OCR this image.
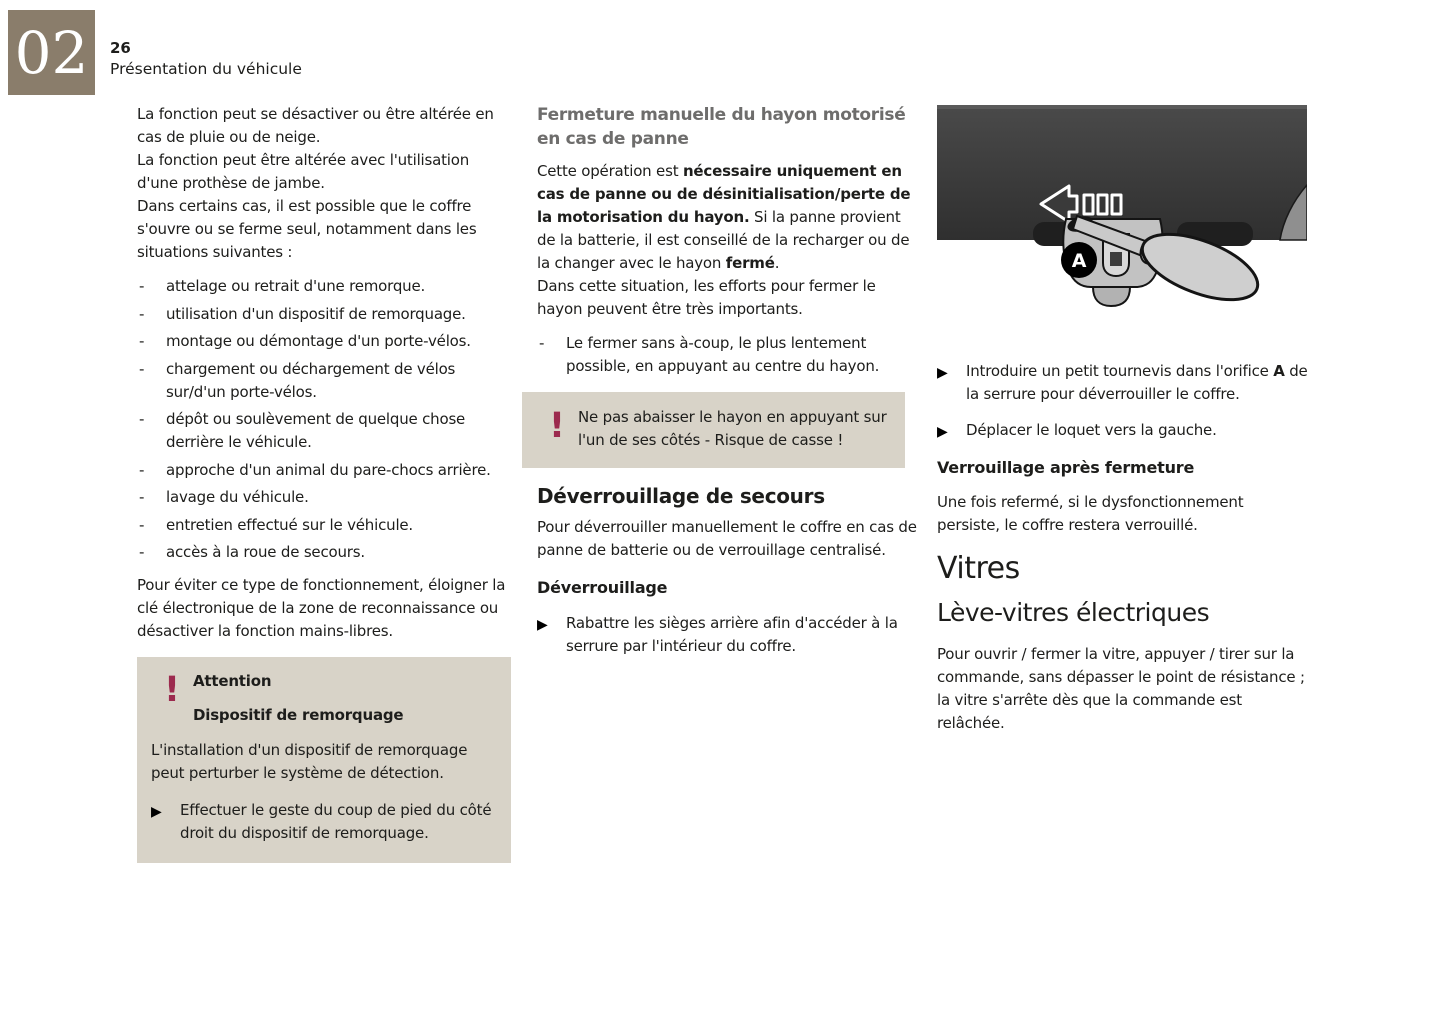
02 26
Présentation du véhicule

La fonction peut se désactiver ou être altérée en cas de pluie ou de neige.

La fonction peut être altérée avec l'utilisation d'une prothèse de jambe.

Dans certains cas, il est possible que le coffre s'ouvre ou se ferme seul, notamment dans les situations suivantes :

- attelage ou retrait d'une remorque.
- utilisation d'un dispositif de remorquage.
- montage ou démontage d'un porte-vélos.
- chargement ou déchargement de vélos sur/d'un porte-vélos.
- dépôt ou soulèvement de quelque chose derrière le véhicule.
- approche d'un animal du pare-chocs arrière.
- lavage du véhicule.
- entretien effectué sur le véhicule.
- accès à la roue de secours.

Pour éviter ce type de fonctionnement, éloigner la clé électronique de la zone de reconnaissance ou désactiver la fonction mains-libres.

! Attention
Dispositif de remorquage

L'installation d'un dispositif de remorquage peut perturber le système de détection.

▶ Effectuer le geste du coup de pied du côté droit du dispositif de remorquage.
Fermeture manuelle du hayon motorisé en cas de panne

Cette opération est nécessaire uniquement en cas de panne ou de désinitialisation/perte de la motorisation du hayon. Si la panne provient de la batterie, il est conseillé de la recharger ou de la changer avec le hayon fermé.

Dans cette situation, les efforts pour fermer le hayon peuvent être très importants.

- Le fermer sans à-coup, le plus lentement possible, en appuyant au centre du hayon.
! Ne pas abaisser le hayon en appuyant sur l'un de ses côtés - Risque de casse !

Déverrouillage de secours

Pour déverrouiller manuellement le coffre en cas de panne de batterie ou de verrouillage centralisé.

Déverrouillage
▶ Rabattre les sièges arrière afin d'accéder à la serrure par l'intérieur du coffre.
A
▶ Introduire un petit tournevis dans l'orifice A de la serrure pour déverrouiller le coffre.
▶ Déplacer le loquet vers la gauche.
Verrouillage après fermeture

Une fois refermé, si le dysfonctionnement persiste, le coffre restera verrouillé.

Vitres
Lève-vitres électriques

Pour ouvrir / fermer la vitre, appuyer / tirer sur la commande, sans dépasser le point de résistance ; la vitre s'arrête dès que la commande est relâchée.
